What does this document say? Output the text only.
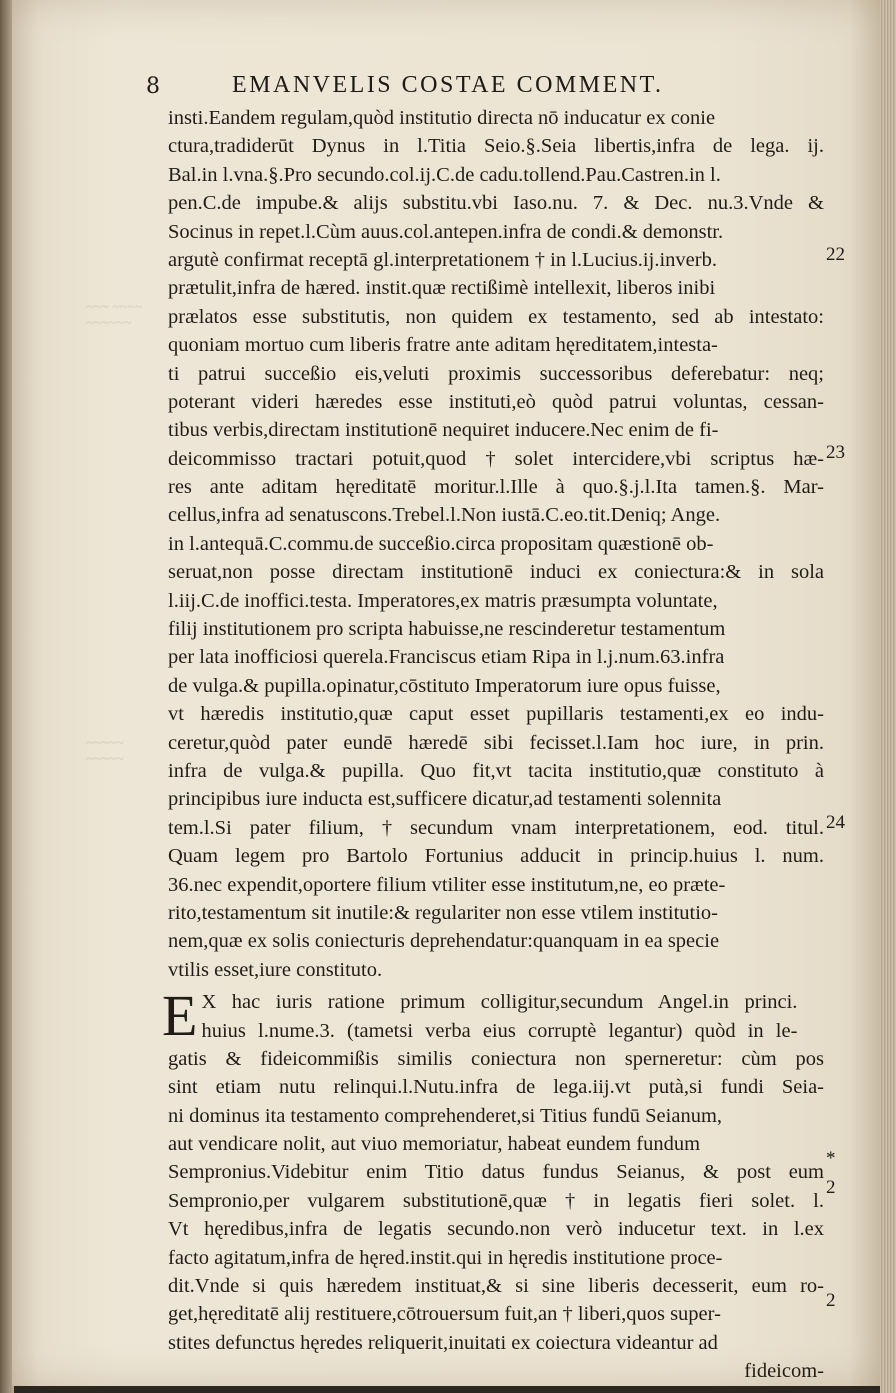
8	EMANVELIS COSTAE COMMENT.
insti.Eandem regulam,quòd institutio directa nō inducatur ex conie
ctura,tradiderūt Dynus in l.Titia Seio.§.Seia libertis,infra de lega. ij.
Bal.in l.vna.§.Pro secundo.col.ij.C.de cadu.tollend.Pau.Castren.in l.
pen.C.de impube.& alijs substitu.vbi Iaso.nu. 7. & Dec. nu.3.Vnde &
Socinus in repet.l.Cùm auus.col.antepen.infra de condi.& demonstr.
argutè confirmat receptā gl.interpretationem † in l.Lucius.ij.inverb.
prætulit,infra de hæred. instit.quæ rectißimè intellexit, liberos inibi
prælatos esse substitutis, non quidem ex testamento, sed ab intestato:
quoniam mortuo cum liberis fratre ante aditam hęreditatem,intesta-
ti patrui succeßio eis,veluti proximis successoribus deferebatur: neq;
poterant videri hæredes esse instituti,eò quòd patrui voluntas, cessan-
tibus verbis,directam institutionē nequiret inducere.Nec enim de fi-
deicommisso tractari potuit,quod † solet intercidere,vbi scriptus hæ-
res ante aditam hęreditatē moritur.l.Ille à quo.§.j.l.Ita tamen.§. Mar-
cellus,infra ad senatuscons.Trebel.l.Non iustā.C.eo.tit.Deniq; Ange.
in l.antequā.C.commu.de succeßio.circa propositam quæstionē ob-
seruat,non posse directam institutionē induci ex coniectura:& in sola
l.iij.C.de inoffici.testa. Imperatores,ex matris præsumpta voluntate,
filij institutionem pro scripta habuisse,ne rescinderetur testamentum
per lata inofficiosi querela.Franciscus etiam Ripa in l.j.num.63.infra
de vulga.& pupilla.opinatur,cōstituto Imperatorum iure opus fuisse,
vt hæredis institutio,quæ caput esset pupillaris testamenti,ex eo indu-
ceretur,quòd pater eundē hæredē sibi fecisset.l.Iam hoc iure, in prin.
infra de vulga.& pupilla. Quo fit,vt tacita institutio,quæ constituto à
principibus iure inducta est,sufficere dicatur,ad testamenti solennita
tem.l.Si pater filium, † secundum vnam interpretationem, eod. titul.
Quam legem pro Bartolo Fortunius adducit in princip.huius l. num.
36.nec expendit,oportere filium vtiliter esse institutum,ne, eo præte-
rito,testamentum sit inutile:& regulariter non esse vtilem institutio-
nem,quæ ex solis coniecturis deprehendatur:quanquam in ea specie
vtilis esset,iure constituto.
E X hac iuris ratione primum colligitur,secundum Angel.in princi.
huius l.nume.3. (tametsi verba eius corruptè legantur) quòd in le-
gatis & fideicommißis similis coniectura non sperneretur: cùm pos
sint etiam nutu relinqui.l.Nutu.infra de lega.iij.vt putà,si fundi Seia-
ni dominus ita testamento comprehenderet,si Titius fundū Seianum,
aut vendicare nolit, aut viuo memoriatur, habeat eundem fundum
Sempronius.Videbitur enim Titio datus fundus Seianus, & post eum
Sempronio,per vulgarem substitutionē,quæ † in legatis fieri solet. l.
Vt hęredibus,infra de legatis secundo.non verò inducetur text. in l.ex
facto agitatum,infra de hęred.instit.qui in hęredis institutione proce-
dit.Vnde si quis hæredem instituat,& si sine liberis decesserit, eum ro-
get,hęreditatē alij restituere,cōtrouersum fuit,an † liberi,quos super-
stites defunctus hęredes reliquerit,inuitati ex coiectura videantur ad
fideicom-
22
23
24
*
2
2
~~~ ~~~~
~~~~~~
~~~~~
~~~~~
